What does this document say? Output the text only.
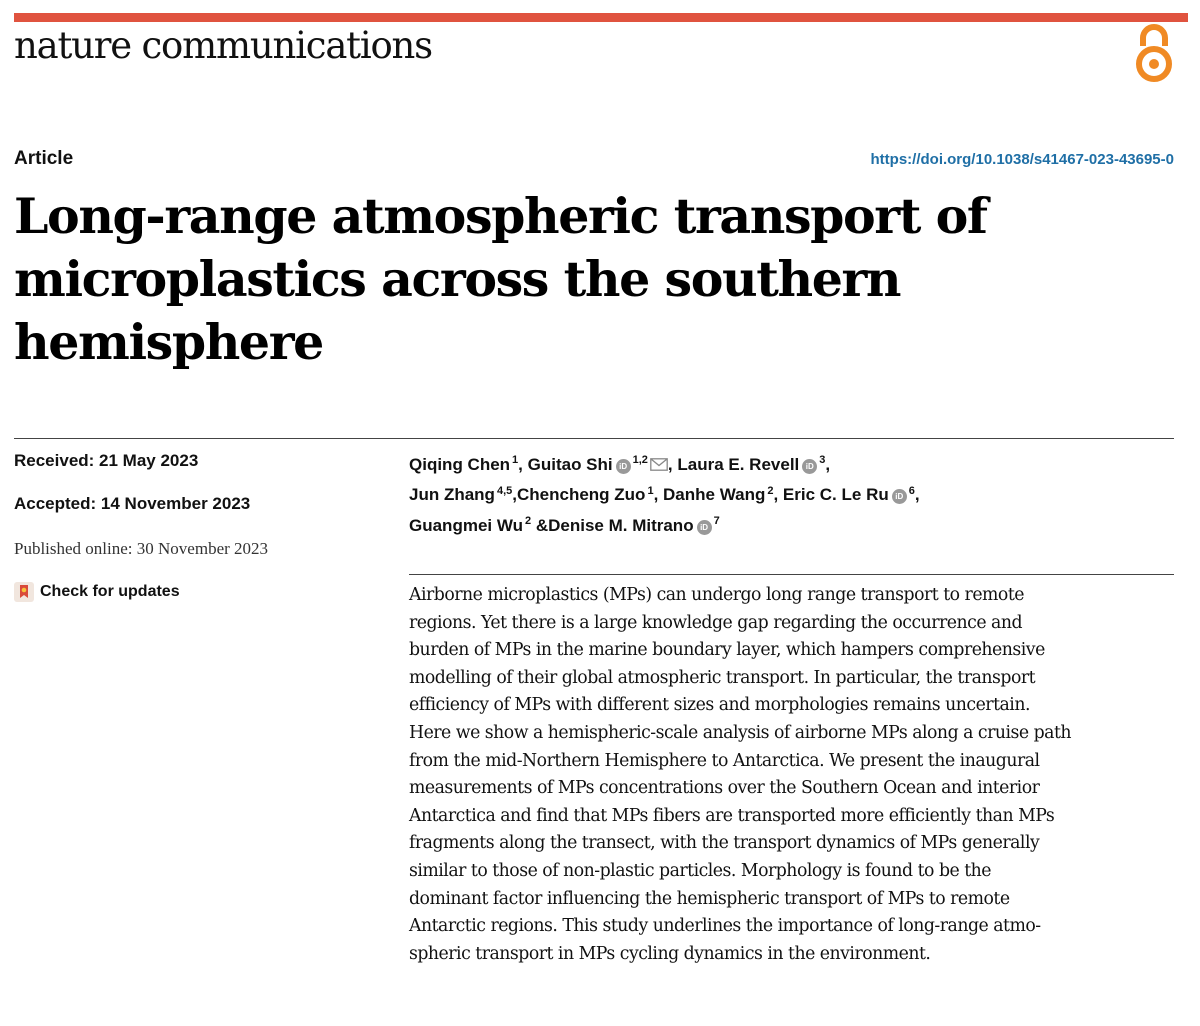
nature communications
Article	https://doi.org/10.1038/s41467-023-43695-0
Long-range atmospheric transport of
microplastics across the southern
hemisphere
Received: 21 May 2023
Accepted: 14 November 2023
Published online: 30 November 2023
Check for updates
Qiqing Chen $^1$, Guitao Shi iD$^{1,2}$ , Laura E. Revell $iD^3$,
Jun Zhang $^{4,5}$,Chencheng Zuo $^1$, Danhe Wang $^2$, Eric C. Le Ru $iD^6$,
Guangmei Wu $^2$ &Denise M. Mitrano $iD^7$
Airborne microplastics (MPs) can undergo long range transport to remote
regions. Yet there is a large knowledge gap regarding the occurrence and
burden of MPs in the marine boundary layer, which hampers comprehensive
modelling of their global atmospheric transport. In particular, the transport
efficiency of MPs with different sizes and morphologies remains uncertain.
Here we show a hemispheric-scale analysis of airborne MPs along a cruise path
from the mid-Northern Hemisphere to Antarctica. We present the inaugural
measurements of MPs concentrations over the Southern Ocean and interior
Antarctica and find that MPs fibers are transported more efficiently than MPs
fragments along the transect, with the transport dynamics of MPs generally
similar to those of non-plastic particles. Morphology is found to be the
dominant factor influencing the hemispheric transport of MPs to remote
Antarctic regions. This study underlines the importance of long-range atmo-
spheric transport in MPs cycling dynamics in the environment.
